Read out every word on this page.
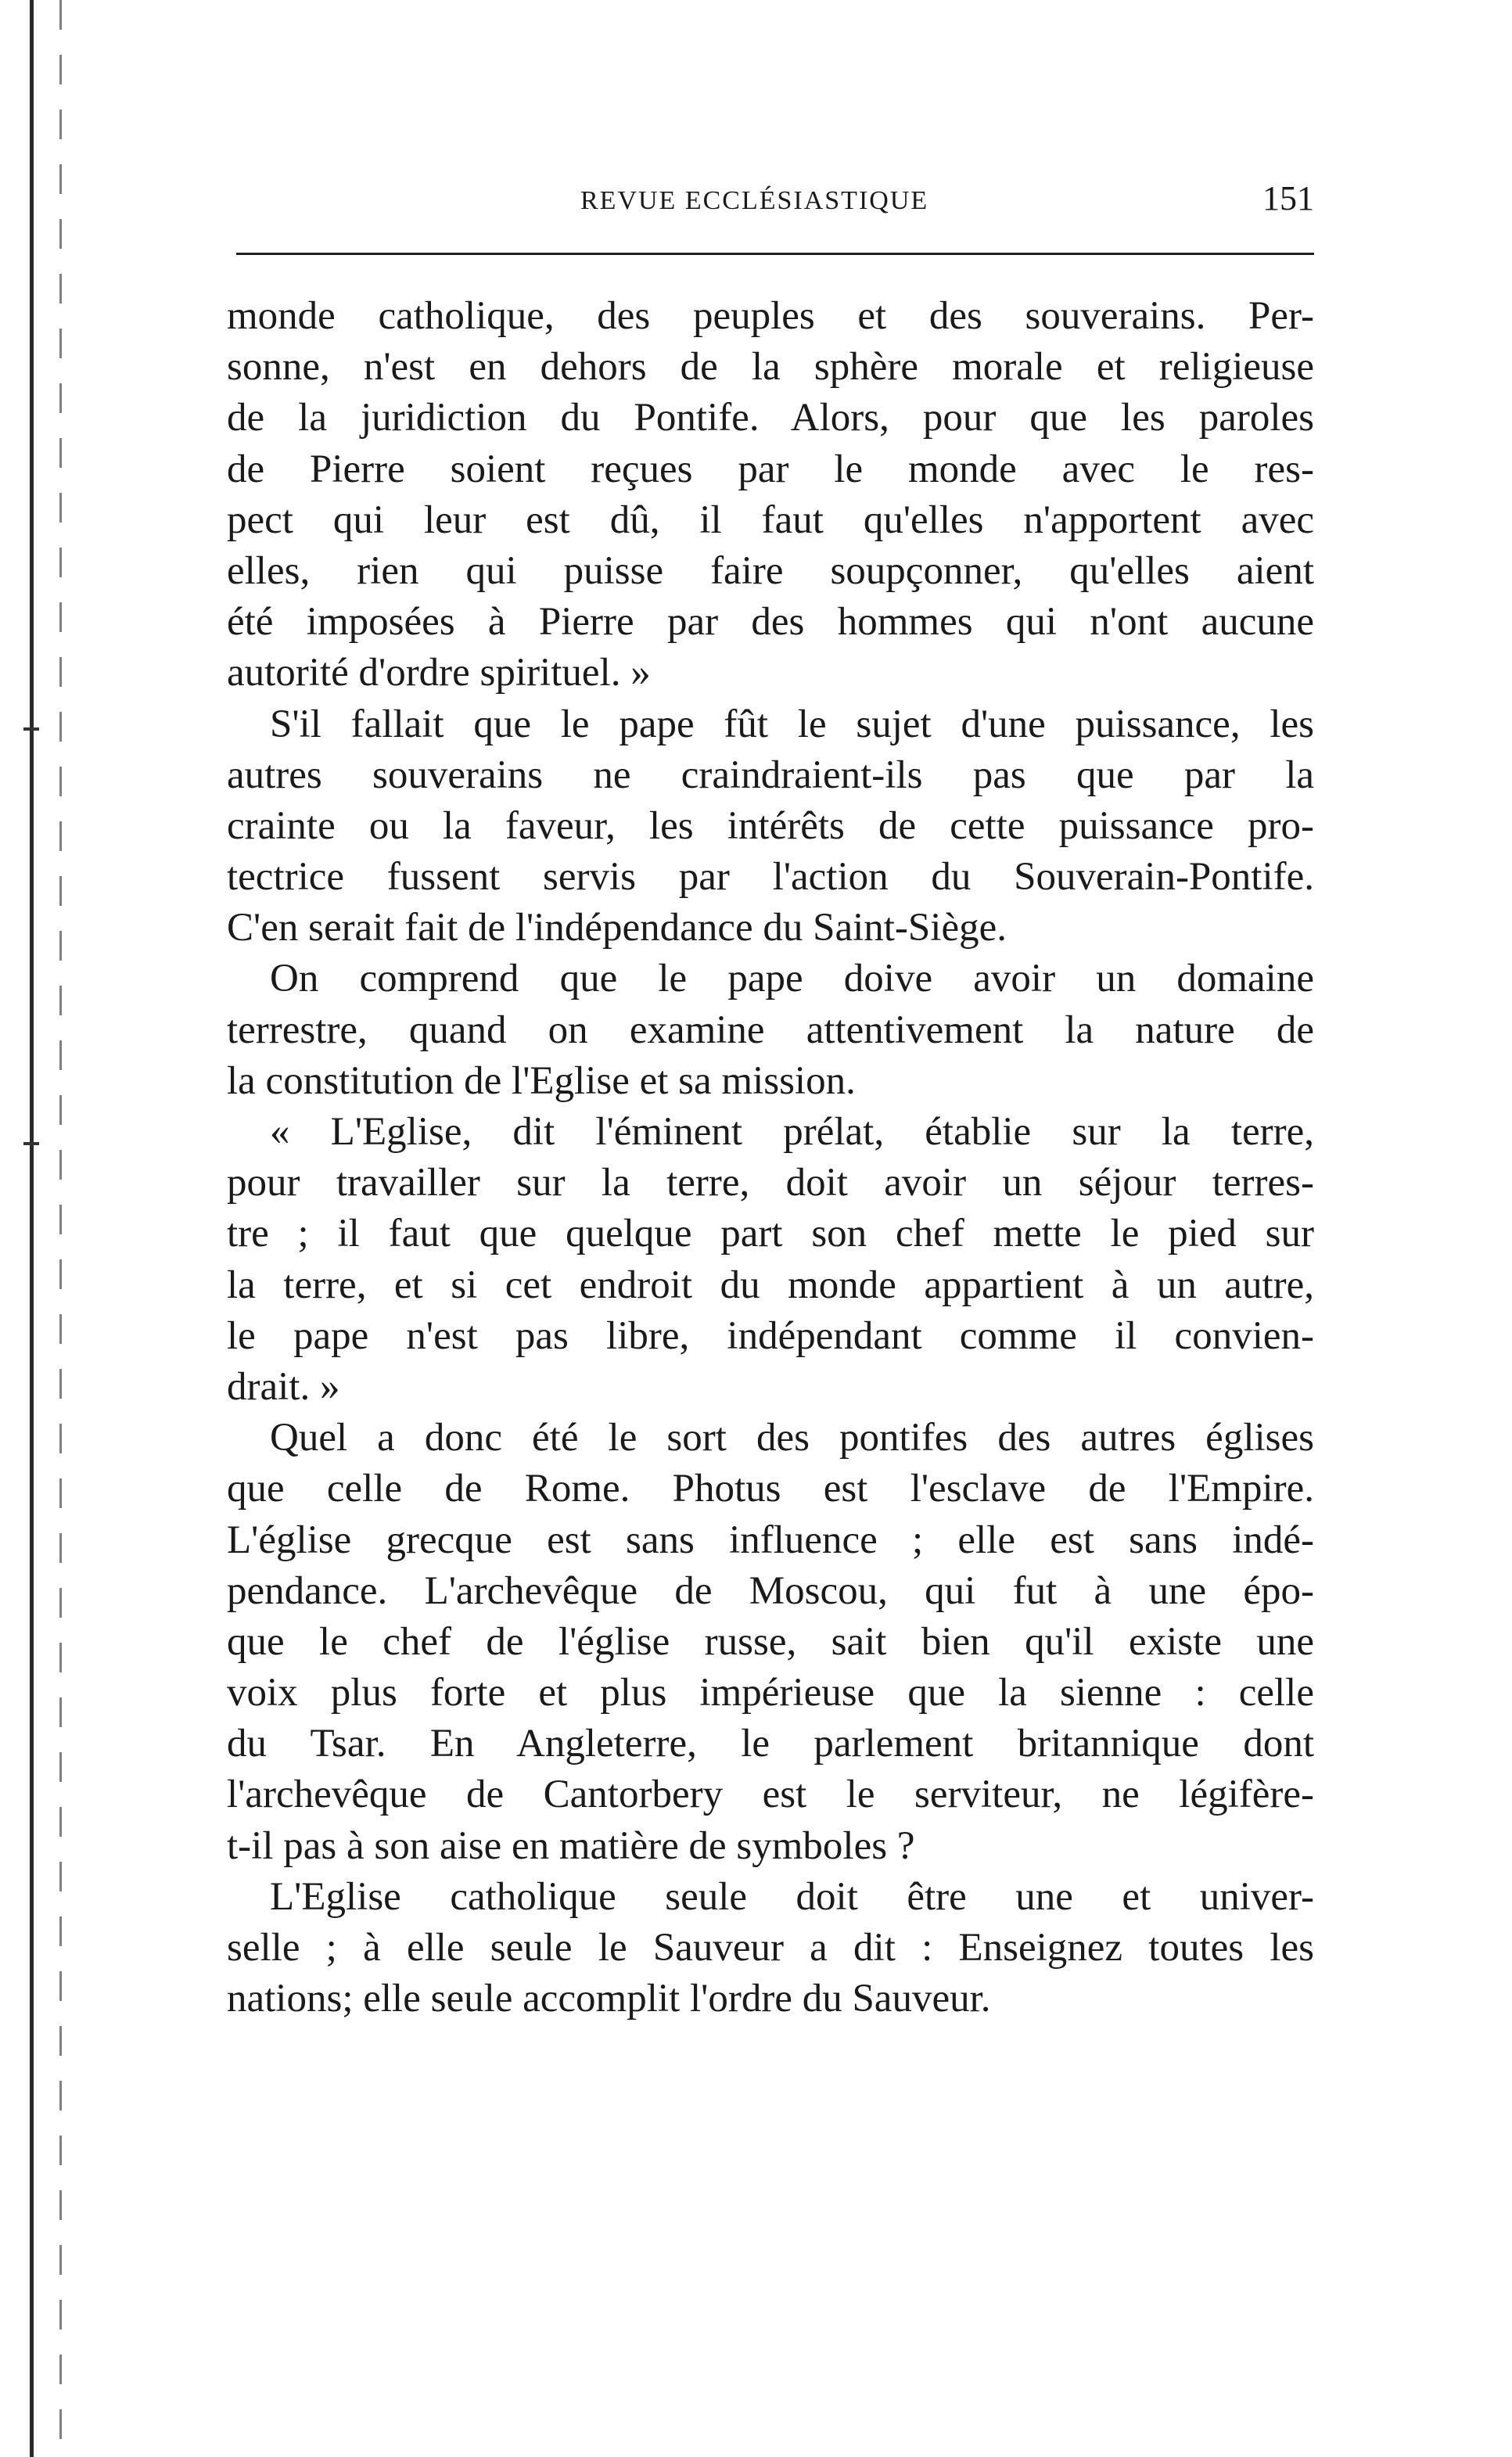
REVUE ECCLÉSIASTIQUE	151
monde catholique, des peuples et des souverains. Per-
sonne, n'est en dehors de la sphère morale et religieuse
de la juridiction du Pontife. Alors, pour que les paroles
de Pierre soient reçues par le monde avec le res-
pect qui leur est dû, il faut qu'elles n'apportent avec
elles, rien qui puisse faire soupçonner, qu'elles aient
été imposées à Pierre par des hommes qui n'ont aucune
autorité d'ordre spirituel. »
S'il fallait que le pape fût le sujet d'une puissance, les
autres souverains ne craindraient-ils pas que par la
crainte ou la faveur, les intérêts de cette puissance pro-
tectrice fussent servis par l'action du Souverain-Pontife.
C'en serait fait de l'indépendance du Saint-Siège.
On comprend que le pape doive avoir un domaine
terrestre, quand on examine attentivement la nature de
la constitution de l'Eglise et sa mission.
« L'Eglise, dit l'éminent prélat, établie sur la terre,
pour travailler sur la terre, doit avoir un séjour terres-
tre ; il faut que quelque part son chef mette le pied sur
la terre, et si cet endroit du monde appartient à un autre,
le pape n'est pas libre, indépendant comme il convien-
drait. »
Quel a donc été le sort des pontifes des autres églises
que celle de Rome. Photus est l'esclave de l'Empire.
L'église grecque est sans influence ; elle est sans indé-
pendance. L'archevêque de Moscou, qui fut à une épo-
que le chef de l'église russe, sait bien qu'il existe une
voix plus forte et plus impérieuse que la sienne : celle
du Tsar. En Angleterre, le parlement britannique dont
l'archevêque de Cantorbery est le serviteur, ne légifère-
t-il pas à son aise en matière de symboles ?
L'Eglise catholique seule doit être une et univer-
selle ; à elle seule le Sauveur a dit : Enseignez toutes les
nations; elle seule accomplit l'ordre du Sauveur.
